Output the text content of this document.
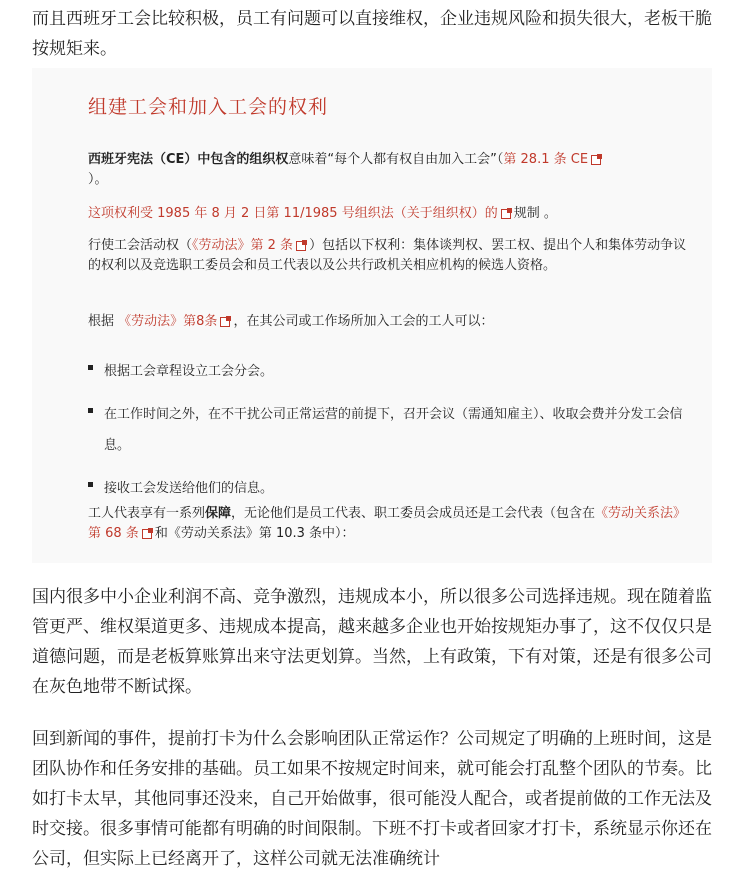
而且西班牙工会比较积极，员工有问题可以直接维权，企业违规风险和损失很大，老板干脆按规矩来。
组建工会和加入工会的权利
西班牙宪法（CE）中包含的组织权意味着“每个人都有权自由加入工会”（第 28.1 条 CE
）。
这项权利受 1985 年 8 月 2 日第 11/1985 号组织法（关于组织权）的 规制 。
行使工会活动权（《劳动法》第 2 条 ）包括以下权利：集体谈判权、罢工权、提出个人和集体劳动争议的权利以及竞选职工委员会和员工代表以及公共行政机关相应机构的候选人资格。
根据 《劳动法》第8条 ，在其公司或工作场所加入工会的工人可以：
根据工会章程设立工会分会。
在工作时间之外，在不干扰公司正常运营的前提下，召开会议（需通知雇主）、收取会费并分发工会信息。
接收工会发送给他们的信息。
工人代表享有一系列保障，无论他们是员工代表、职工委员会成员还是工会代表（包含在《劳动关系法》第 68 条 和《劳动关系法》第 10.3 条中）：
国内很多中小企业利润不高、竞争激烈，违规成本小，所以很多公司选择违规。现在随着监管更严、维权渠道更多、违规成本提高，越来越多企业也开始按规矩办事了，这不仅仅只是道德问题，而是老板算账算出来守法更划算。当然，上有政策，下有对策，还是有很多公司在灰色地带不断试探。
回到新闻的事件，提前打卡为什么会影响团队正常运作？公司规定了明确的上班时间，这是团队协作和任务安排的基础。员工如果不按规定时间来，就可能会打乱整个团队的节奏。比如打卡太早，其他同事还没来，自己开始做事，很可能没人配合，或者提前做的工作无法及时交接。很多事情可能都有明确的时间限制。下班不打卡或者回家才打卡，系统显示你还在公司，但实际上已经离开了，这样公司就无法准确统计
